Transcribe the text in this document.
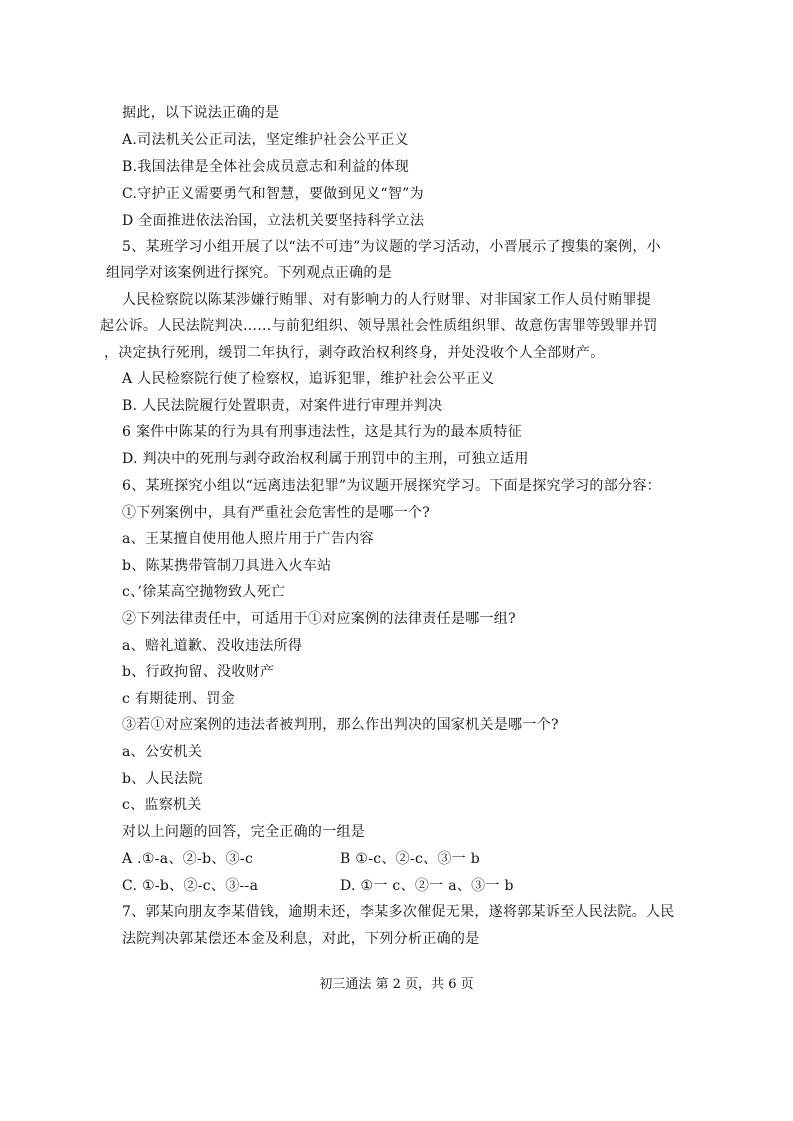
据此，以下说法正确的是
A.司法机关公正司法，坚定维护社会公平正义
B.我国法律是全体社会成员意志和利益的体现
C.守护正义需要勇气和智慧，要做到见义“智”为
D 全面推进依法治国，立法机关要坚持科学立法
5、某班学习小组开展了以“法不可违”为议题的学习活动，小晋展示了搜集的案例，小
组同学对该案例进行探究。下列观点正确的是
人民检察院以陈某涉嫌行贿罪、对有影响力的人行财罪、对非国家工作人员付贿罪提
起公诉。人民法院判决……与前犯组织、领导黑社会性质组织罪、故意伤害罪等毁罪并罚
，决定执行死刑，缓罚二年执行，剥夺政治权利终身，并处没收个人全部财产。
A 人民检察院行使了检察权，追诉犯罪，维护社会公平正义
B. 人民法院履行处置职责，对案件进行审理并判决
6 案件中陈某的行为具有刑事违法性，这是其行为的最本质特征
D. 判决中的死刑与剥夺政治权利属于刑罚中的主刑，可独立适用
6、某班探究小组以“远离违法犯罪”为议题开展探究学习。下面是探究学习的部分容：
①下列案例中，具有严重社会危害性的是哪一个?
a、王某擅自使用他人照片用于广告内容
b、陈某携带管制刀具进入火车站
c、’徐某高空抛物致人死亡
②下列法律责任中，可适用于①对应案例的法律责任是哪一组?
a、赔礼道歉、没收违法所得
b、行政拘留、没收财产
c 有期徒刑、罚金
③若①对应案例的违法者被判刑，那么作出判决的国家机关是哪一个?
a、公安机关
b、人民法院
c、监察机关
对以上问题的回答，完全正确的一组是
A .①-a、②-b、③-c	B ①-c、②-c、③一 b
C. ①-b、②-c、③--a	D. ①一 c、②一 a、③一 b
7、郭某向朋友李某借钱，逾期未还，李某多次催促无果，遂将郭某诉至人民法院。人民
法院判决郭某偿还本金及利息，对此，下列分析正确的是
初三通法 第 2 页，共 6 页
